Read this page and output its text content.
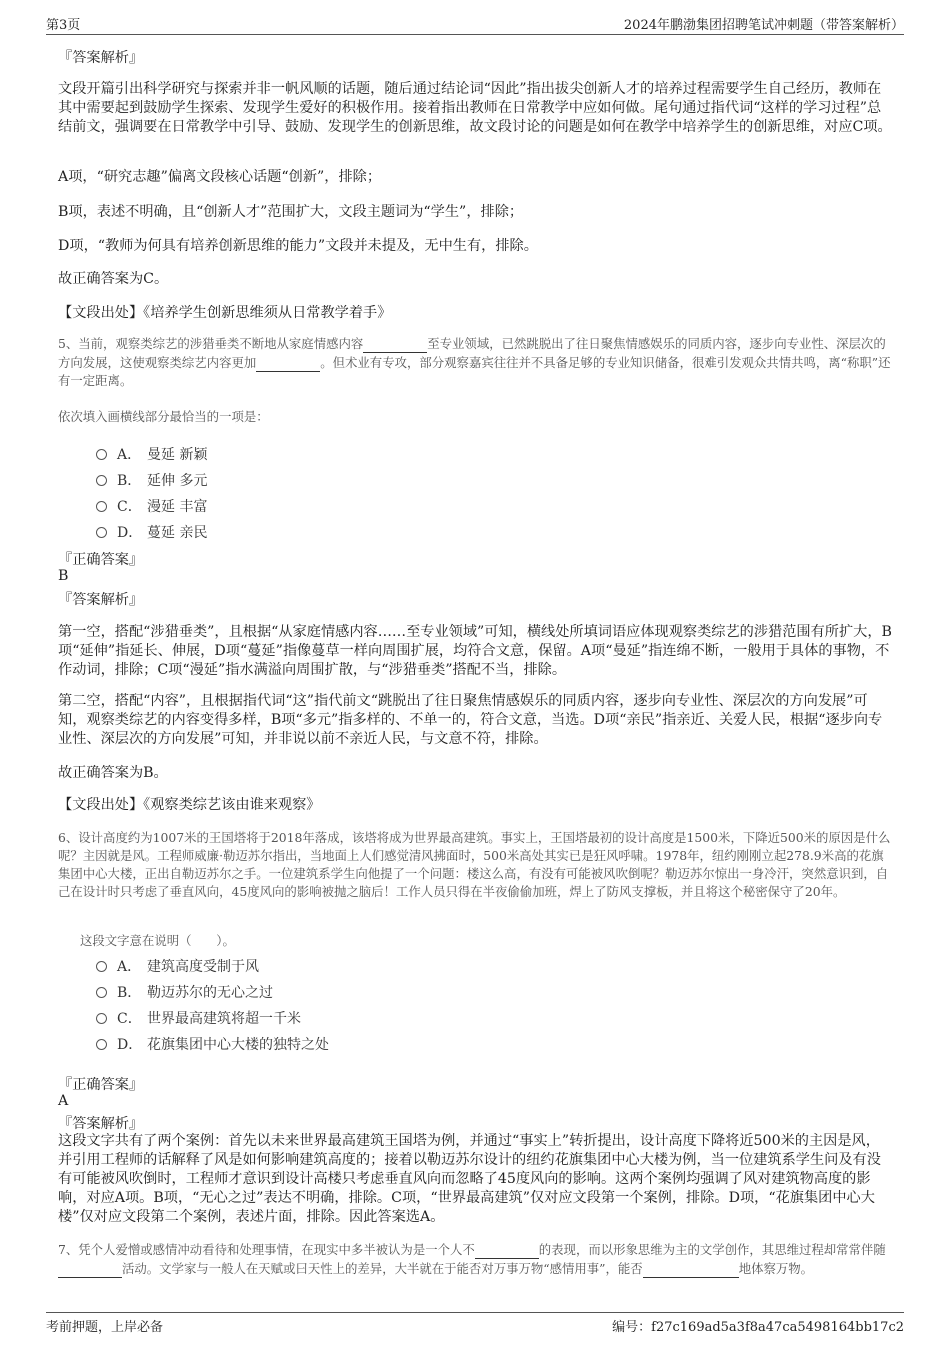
第3页	2024年鹏渤集团招聘笔试冲刺题（带答案解析）
『答案解析』

文段开篇引出科学研究与探索并非一帆风顺的话题，随后通过结论词“因此”指出拔尖创新人才的培养过程需要学生自己经历，教师在其中需要起到鼓励学生探索、发现学生爱好的积极作用。接着指出教师在日常教学中应如何做。尾句通过指代词“这样的学习过程”总结前文，强调要在日常教学中引导、鼓励、发现学生的创新思维，故文段讨论的问题是如何在教学中培养学生的创新思维，对应C项。

A项，“研究志趣”偏离文段核心话题“创新”，排除；

B项，表述不明确，且“创新人才”范围扩大，文段主题词为“学生”，排除；

D项，“教师为何具有培养创新思维的能力”文段并未提及，无中生有，排除。

故正确答案为C。

【文段出处】《培养学生创新思维须从日常教学着手》

5、当前，观察类综艺的涉猎垂类不断地从家庭情感内容	至专业领域，已然跳脱出了往日聚焦情感娱乐的同质内容，逐步向专业性、深层次的方向发展，这使观察类综艺内容更加	。但术业有专攻，部分观察嘉宾往往并不具备足够的专业知识储备，很难引发观众共情共鸣，离“称职”还有一定距离。

依次填入画横线部分最恰当的一项是：

A． 曼延 新颖
B． 延伸 多元
C． 漫延 丰富
D． 蔓延 亲民
『正确答案』
B
『答案解析』

第一空，搭配“涉猎垂类”，且根据“从家庭情感内容……至专业领域”可知，横线处所填词语应体现观察类综艺的涉猎范围有所扩大，B项“延伸”指延长、伸展，D项“蔓延”指像蔓草一样向周围扩展，均符合文意，保留。A项“曼延”指连绵不断，一般用于具体的事物，不作动词，排除；C项“漫延”指水满溢向周围扩散，与“涉猎垂类”搭配不当，排除。

第二空，搭配“内容”，且根据指代词“这”指代前文“跳脱出了往日聚焦情感娱乐的同质内容，逐步向专业性、深层次的方向发展”可知，观察类综艺的内容变得多样，B项“多元”指多样的、不单一的，符合文意，当选。D项“亲民”指亲近、关爱人民，根据“逐步向专业性、深层次的方向发展”可知，并非说以前不亲近人民，与文意不符，排除。

故正确答案为B。

【文段出处】《观察类综艺该由谁来观察》

6、设计高度约为1007米的王国塔将于2018年落成，该塔将成为世界最高建筑。事实上，王国塔最初的设计高度是1500米，下降近500米的原因是什么呢？主因就是风。工程师威廉·勒迈苏尔指出，当地面上人们感觉清风拂面时，500米高处其实已是狂风呼啸。1978年，纽约刚刚立起278.9米高的花旗集团中心大楼，正出自勒迈苏尔之手。一位建筑系学生向他提了一个问题：楼这么高，有没有可能被风吹倒呢？勒迈苏尔惊出一身冷汗，突然意识到，自己在设计时只考虑了垂直风向，45度风向的影响被抛之脑后！工作人员只得在半夜偷偷加班，焊上了防风支撑板，并且将这个秘密保守了20年。

这段文字意在说明（　　）。

A． 建筑高度受制于风
B． 勒迈苏尔的无心之过
C． 世界最高建筑将超一千米
D． 花旗集团中心大楼的独特之处
『正确答案』
A
『答案解析』

这段文字共有了两个案例：首先以未来世界最高建筑王国塔为例，并通过“事实上”转折提出，设计高度下降将近500米的主因是风，并引用工程师的话解释了风是如何影响建筑高度的；接着以勒迈苏尔设计的纽约花旗集团中心大楼为例，当一位建筑系学生问及有没有可能被风吹倒时，工程师才意识到设计高楼只考虑垂直风向而忽略了45度风向的影响。这两个案例均强调了风对建筑物高度的影响，对应A项。B项，“无心之过”表达不明确，排除。C项，“世界最高建筑”仅对应文段第一个案例，排除。D项，“花旗集团中心大楼”仅对应文段第二个案例，表述片面，排除。因此答案选A。

7、凭个人爱憎或感情冲动看待和处理事情，在现实中多半被认为是一个人不	的表现，而以形象思维为主的文学创作，其思维过程却常常伴随 活动。文学家与一般人在天赋或曰天性上的差异，大半就在于能否对万事万物“感情用事”，能否	地体察万物。

考前押题，上岸必备	编号：f27c169ad5a3f8a47ca5498164bb17c2
